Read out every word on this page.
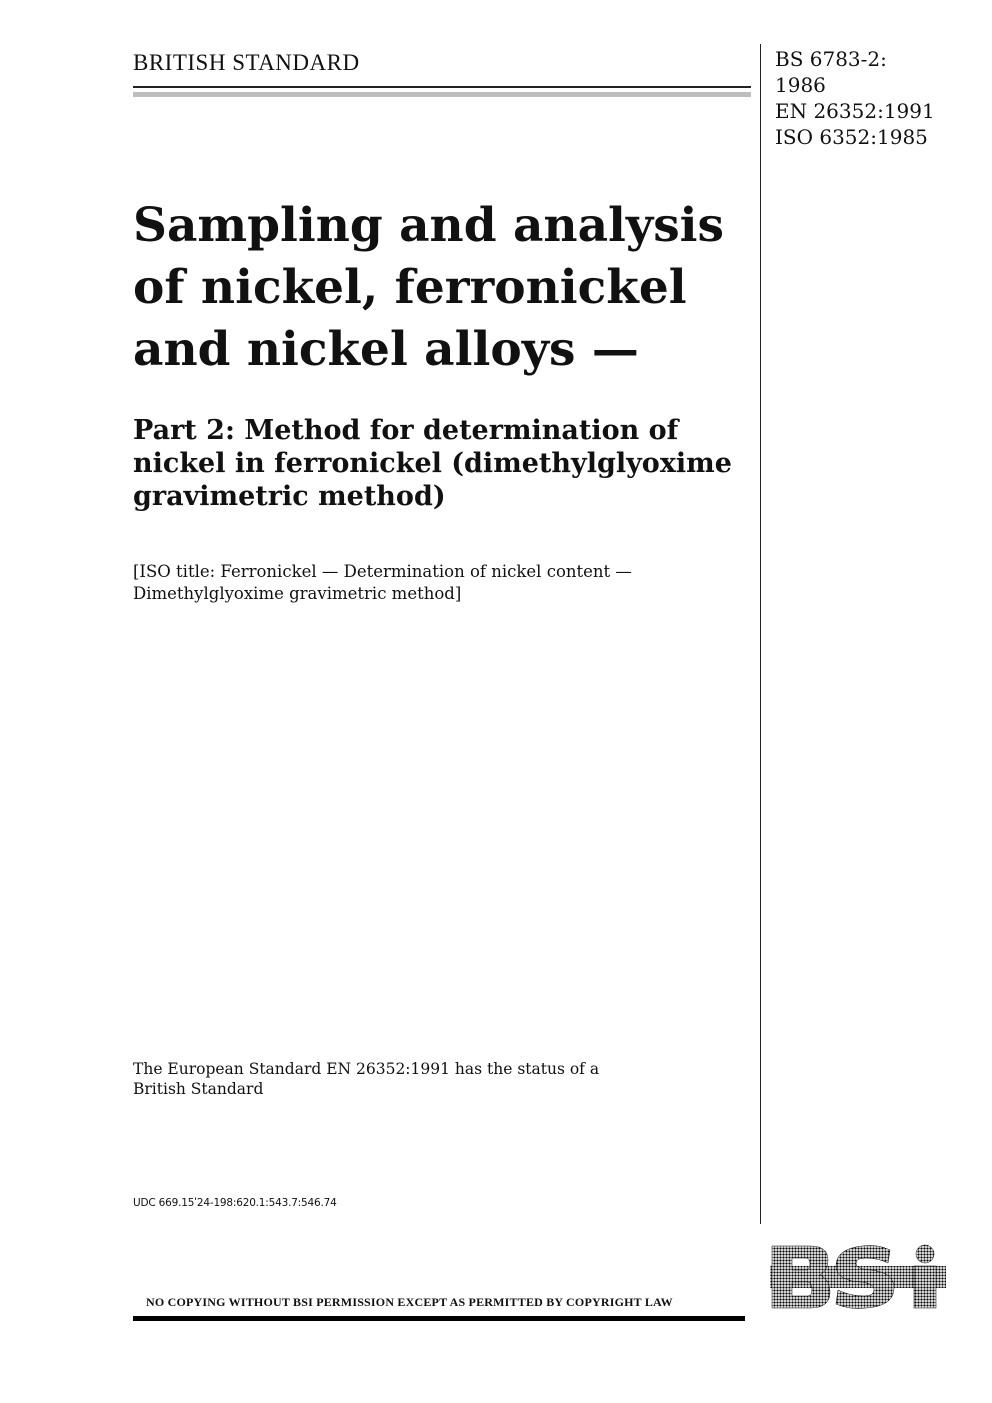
BRITISH STANDARD	BS 6783-2:
1986
EN 26352:1991
ISO 6352:1985
Sampling and analysis of nickel, ferronickel and nickel alloys —
Part 2: Method for determination of nickel in ferronickel (dimethylglyoxime gravimetric method)
[ISO title: Ferronickel — Determination of nickel content — Dimethylglyoxime gravimetric method]
The European Standard EN 26352:1991 has the status of a British Standard
UDC 669.15ʹ24-198:620.1:543.7:546.74
NO COPYING WITHOUT BSI PERMISSION EXCEPT AS PERMITTED BY COPYRIGHT LAW
BSi
